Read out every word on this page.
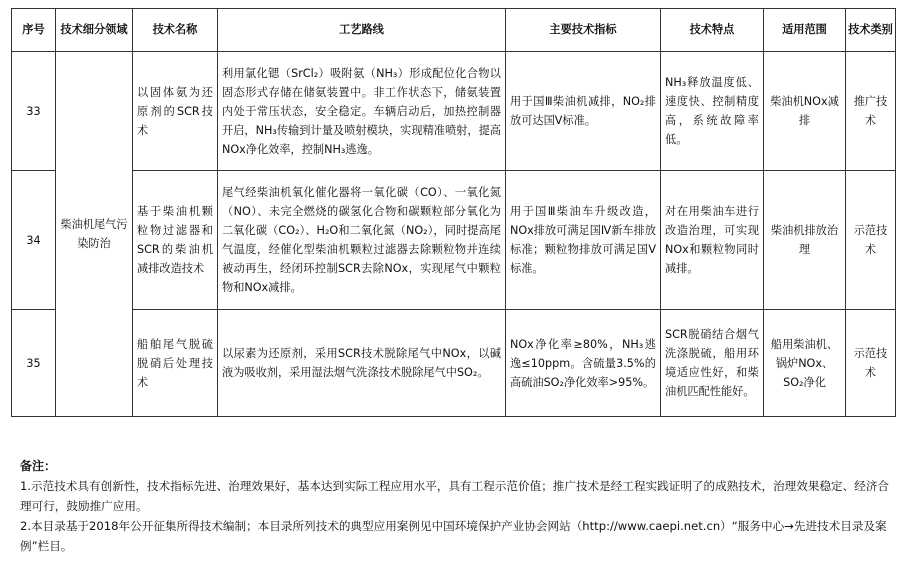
序号	技术细分领域	技术名称	工艺路线	主要技术指标	技术特点	适用范围	技术类别
33	柴油机尾气污染防治	以固体氨为还原剂的SCR技术	利用氯化锶（SrCl₂）吸附氨（NH₃）形成配位化合物以固态形式存储在储氨装置中。非工作状态下，储氨装置内处于常压状态，安全稳定。车辆启动后，加热控制器开启，NH₃传输到计量及喷射模块，实现精准喷射，提高NOx净化效率，控制NH₃逃逸。	用于国Ⅲ柴油机减排，NO₂排放可达国Ⅴ标准。	NH₃释放温度低、速度快、控制精度高，系统故障率低。	柴油机NOx减排	推广技术
34		基于柴油机颗粒物过滤器和SCR的柴油机减排改造技术	尾气经柴油机氧化催化器将一氧化碳（CO）、一氧化氮（NO）、未完全燃烧的碳氢化合物和碳颗粒部分氧化为二氧化碳（CO₂）、H₂O和二氧化氮（NO₂），同时提高尾气温度，经催化型柴油机颗粒过滤器去除颗粒物并连续被动再生，经闭环控制SCR去除NOx，实现尾气中颗粒物和NOx减排。	用于国Ⅲ柴油车升级改造，NOx排放可满足国Ⅳ新车排放标准；颗粒物排放可满足国Ⅴ标准。	对在用柴油车进行改造治理，可实现NOx和颗粒物同时减排。	柴油机排放治理	示范技术
35		船舶尾气脱硫脱硝后处理技术	以尿素为还原剂，采用SCR技术脱除尾气中NOx，以碱液为吸收剂，采用湿法烟气洗涤技术脱除尾气中SO₂。	NOx净化率≥80%，NH₃逃逸≤10ppm。含硫量3.5%的高硫油SO₂净化效率>95%。	SCR脱硝结合烟气洗涤脱硫，船用环境适应性好，和柴油机匹配性能好。	船用柴油机、锅炉NOx、SO₂净化	示范技术

备注：

1.示范技术具有创新性，技术指标先进、治理效果好，基本达到实际工程应用水平，具有工程示范价值；推广技术是经工程实践证明了的成熟技术，治理效果稳定、经济合理可行，鼓励推广应用。

2.本目录基于2018年公开征集所得技术编制；本目录所列技术的典型应用案例见中国环境保护产业协会网站（http://www.caepi.net.cn）“服务中心→先进技术目录及案例”栏目。
